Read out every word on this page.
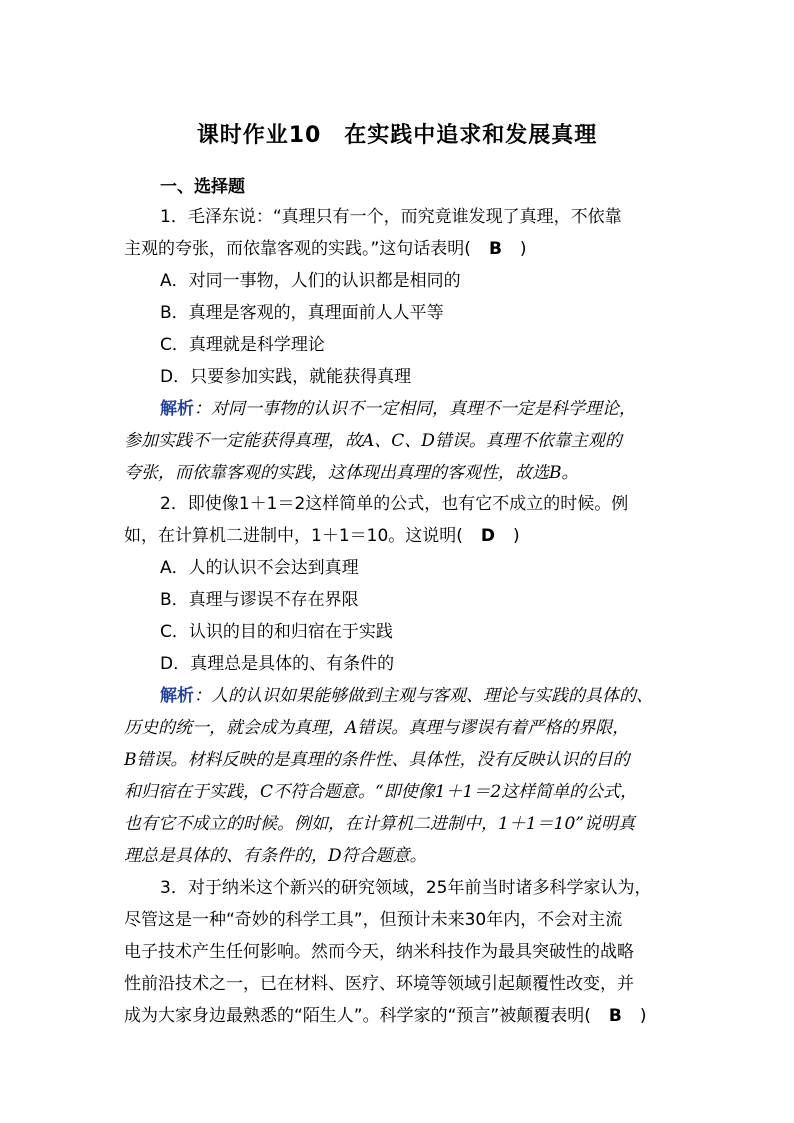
课时作业10　在实践中追求和发展真理
一、选择题
1．毛泽东说：“真理只有一个，而究竟谁发现了真理，不依靠
主观的夸张，而依靠客观的实践。”这句话表明( B )
A．对同一事物，人们的认识都是相同的
B．真理是客观的，真理面前人人平等
C．真理就是科学理论
D．只要参加实践，就能获得真理
解析：对同一事物的认识不一定相同，真理不一定是科学理论，
参加实践不一定能获得真理，故A、C、D错误。真理不依靠主观的
夸张，而依靠客观的实践，这体现出真理的客观性，故选B。
2．即使像1＋1＝2这样简单的公式，也有它不成立的时候。例
如，在计算机二进制中，1＋1＝10。这说明( D )
A．人的认识不会达到真理
B．真理与谬误不存在界限
C．认识的目的和归宿在于实践
D．真理总是具体的、有条件的
解析：人的认识如果能够做到主观与客观、理论与实践的具体的、
历史的统一，就会成为真理，A错误。真理与谬误有着严格的界限，
B错误。材料反映的是真理的条件性、具体性，没有反映认识的目的
和归宿在于实践，C不符合题意。“即使像1＋1＝2这样简单的公式，
也有它不成立的时候。例如，在计算机二进制中，1＋1＝10”说明真
理总是具体的、有条件的，D符合题意。
3．对于纳米这个新兴的研究领域，25年前当时诸多科学家认为，
尽管这是一种“奇妙的科学工具”，但预计未来30年内，不会对主流
电子技术产生任何影响。然而今天，纳米科技作为最具突破性的战略
性前沿技术之一，已在材料、医疗、环境等领域引起颠覆性改变，并
成为大家身边最熟悉的“陌生人”。科学家的“预言”被颠覆表明( B )
